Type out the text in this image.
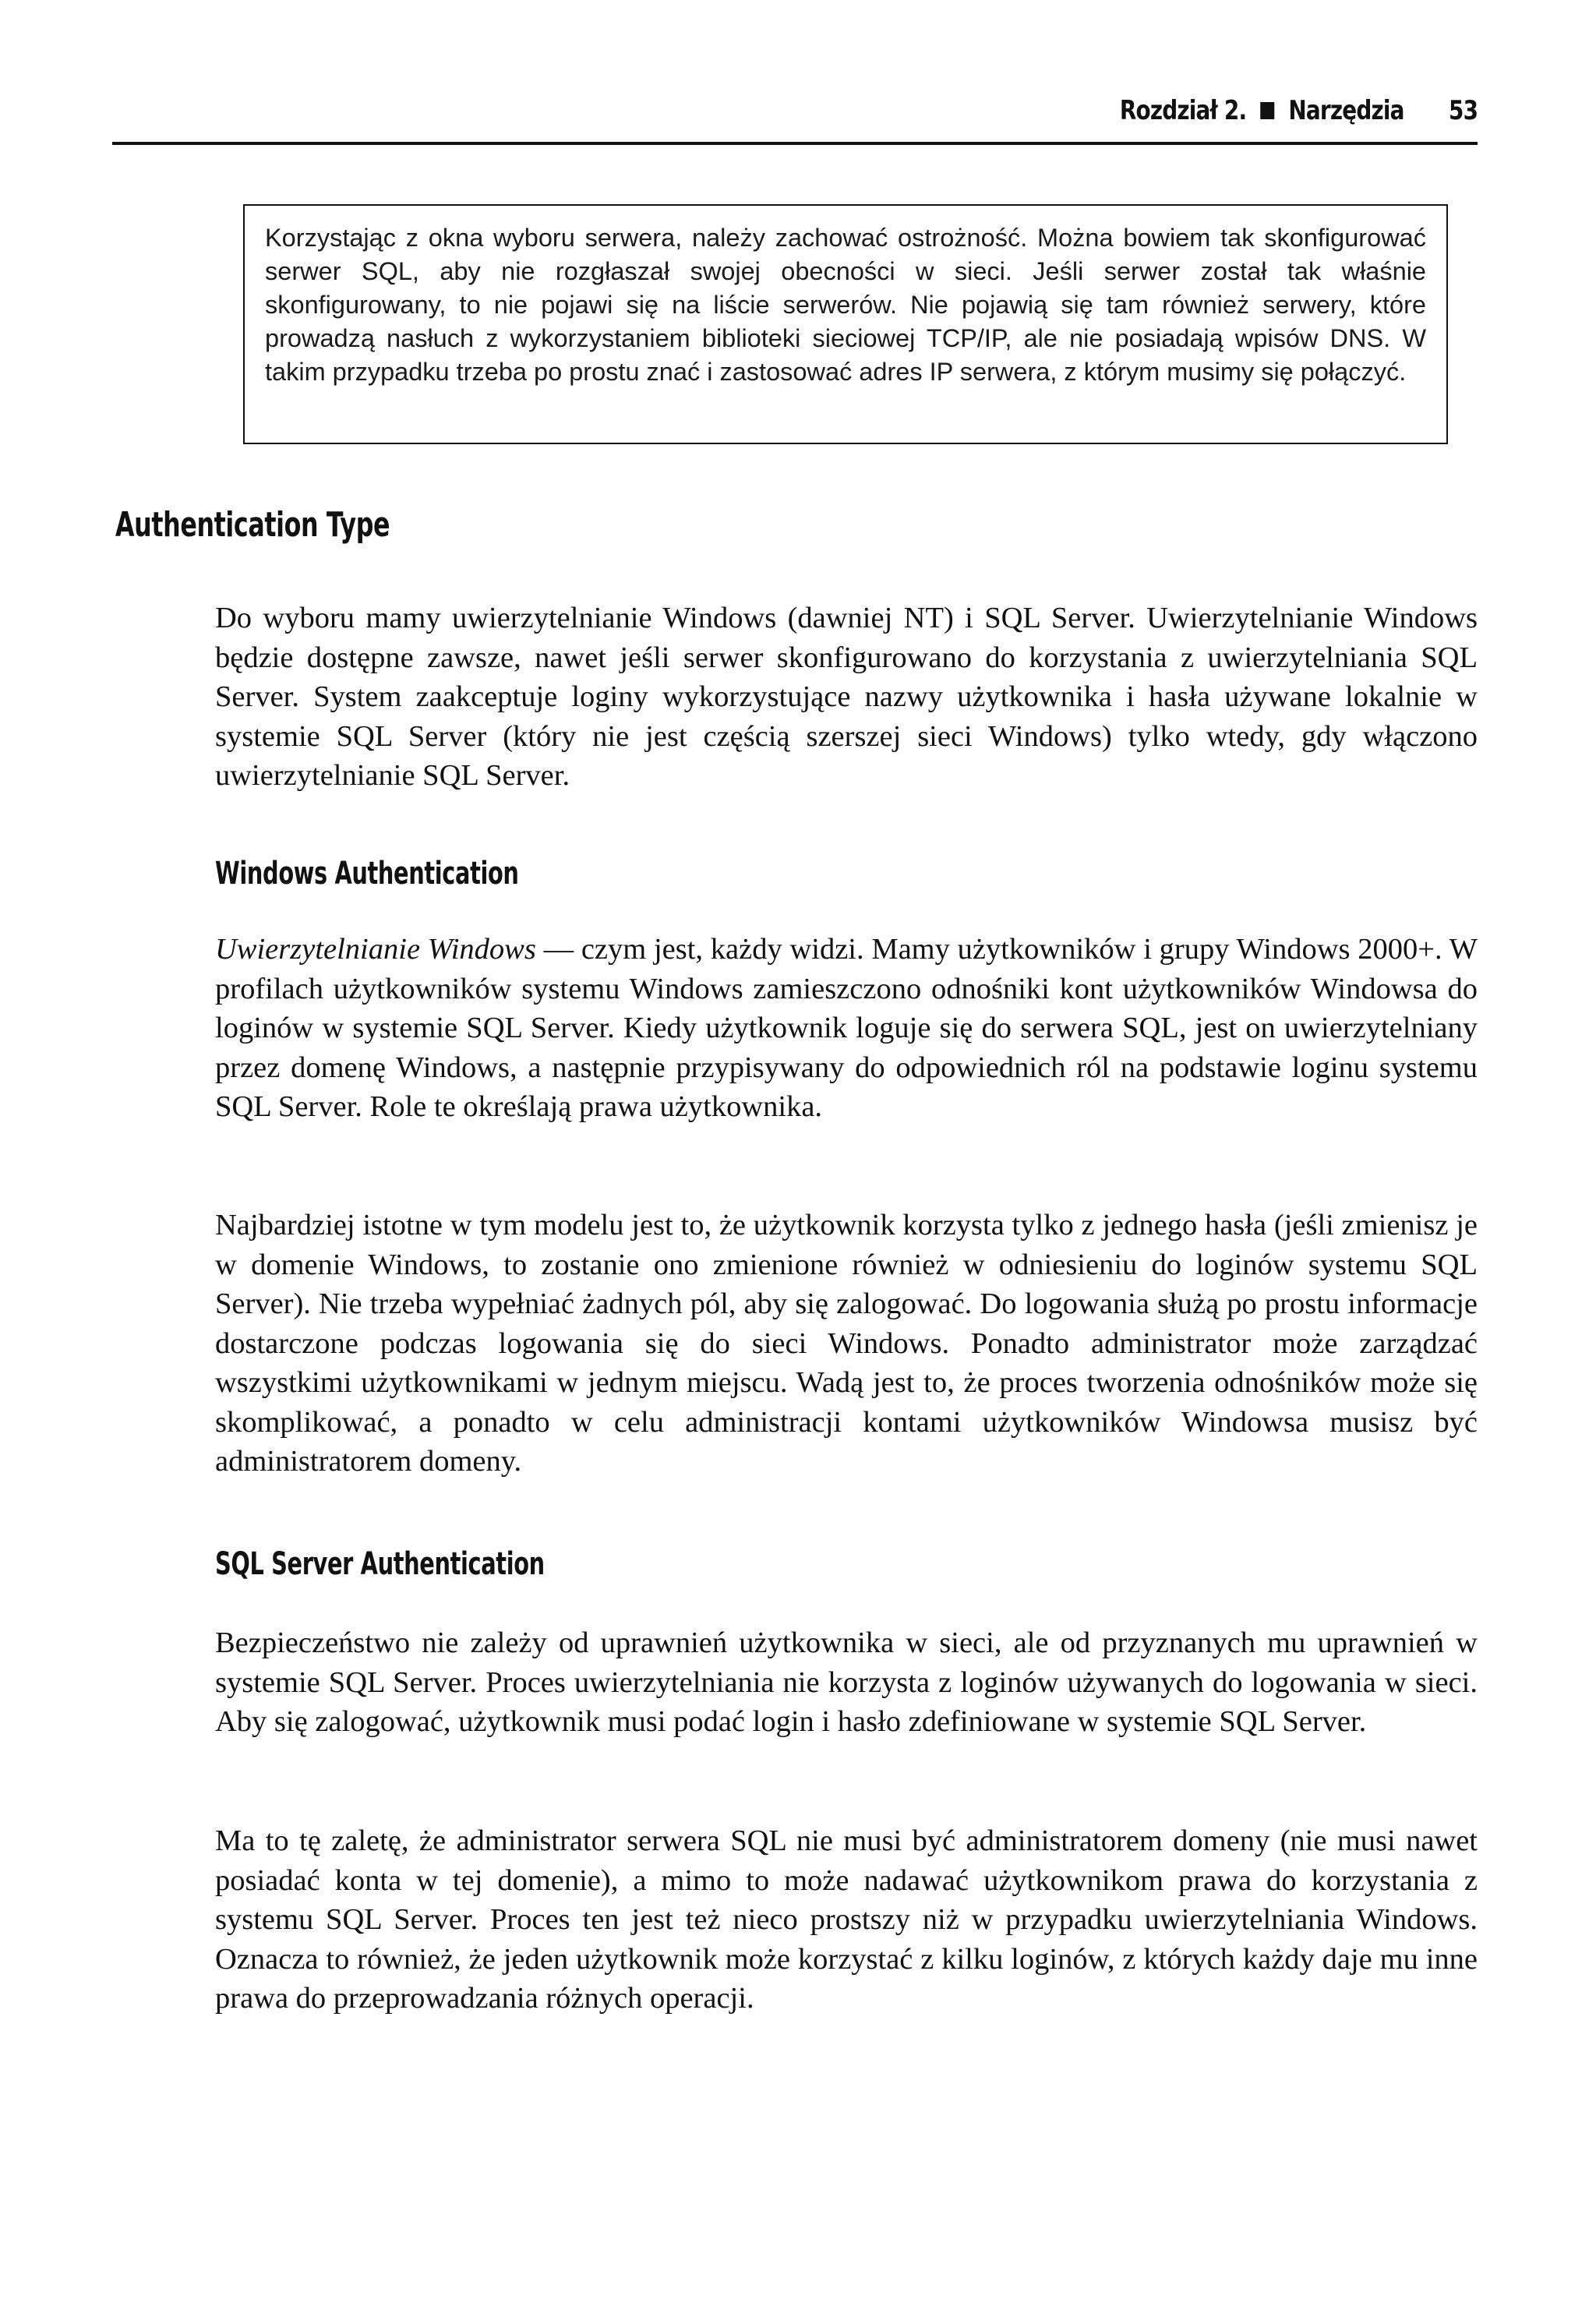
Rozdział 2. Narzędzia 53

Korzystając z okna wyboru serwera, należy zachować ostrożność. Można bowiem tak skonfigurować serwer SQL, aby nie rozgłaszał swojej obecności w sieci. Jeśli serwer został tak właśnie skonfigurowany, to nie pojawi się na liście serwerów. Nie pojawią się tam również serwery, które prowadzą nasłuch z wykorzystaniem biblioteki sieciowej TCP/IP, ale nie posiadają wpisów DNS. W takim przypadku trzeba po prostu znać i zastosować adres IP serwera, z którym musimy się połączyć.

Authentication Type

Do wyboru mamy uwierzytelnianie Windows (dawniej NT) i SQL Server. Uwierzytelnianie Windows będzie dostępne zawsze, nawet jeśli serwer skonfigurowano do korzystania z uwierzytelniania SQL Server. System zaakceptuje loginy wykorzystujące nazwy użytkownika i hasła używane lokalnie w systemie SQL Server (który nie jest częścią szerszej sieci Windows) tylko wtedy, gdy włączono uwierzytelnianie SQL Server.

Windows Authentication

Uwierzytelnianie Windows — czym jest, każdy widzi. Mamy użytkowników i grupy Windows 2000+. W profilach użytkowników systemu Windows zamieszczono odnośniki kont użytkowników Windowsa do loginów w systemie SQL Server. Kiedy użytkownik loguje się do serwera SQL, jest on uwierzytelniany przez domenę Windows, a następnie przypisywany do odpowiednich ról na podstawie loginu systemu SQL Server. Role te określają prawa użytkownika.

Najbardziej istotne w tym modelu jest to, że użytkownik korzysta tylko z jednego hasła (jeśli zmienisz je w domenie Windows, to zostanie ono zmienione również w odniesieniu do loginów systemu SQL Server). Nie trzeba wypełniać żadnych pól, aby się zalogować. Do logowania służą po prostu informacje dostarczone podczas logowania się do sieci Windows. Ponadto administrator może zarządzać wszystkimi użytkownikami w jednym miejscu. Wadą jest to, że proces tworzenia odnośników może się skomplikować, a ponadto w celu administracji kontami użytkowników Windowsa musisz być administratorem domeny.

SQL Server Authentication

Bezpieczeństwo nie zależy od uprawnień użytkownika w sieci, ale od przyznanych mu uprawnień w systemie SQL Server. Proces uwierzytelniania nie korzysta z loginów używanych do logowania w sieci. Aby się zalogować, użytkownik musi podać login i hasło zdefiniowane w systemie SQL Server.

Ma to tę zaletę, że administrator serwera SQL nie musi być administratorem domeny (nie musi nawet posiadać konta w tej domenie), a mimo to może nadawać użytkownikom prawa do korzystania z systemu SQL Server. Proces ten jest też nieco prostszy niż w przypadku uwierzytelniania Windows. Oznacza to również, że jeden użytkownik może korzystać z kilku loginów, z których każdy daje mu inne prawa do przeprowadzania różnych operacji.
